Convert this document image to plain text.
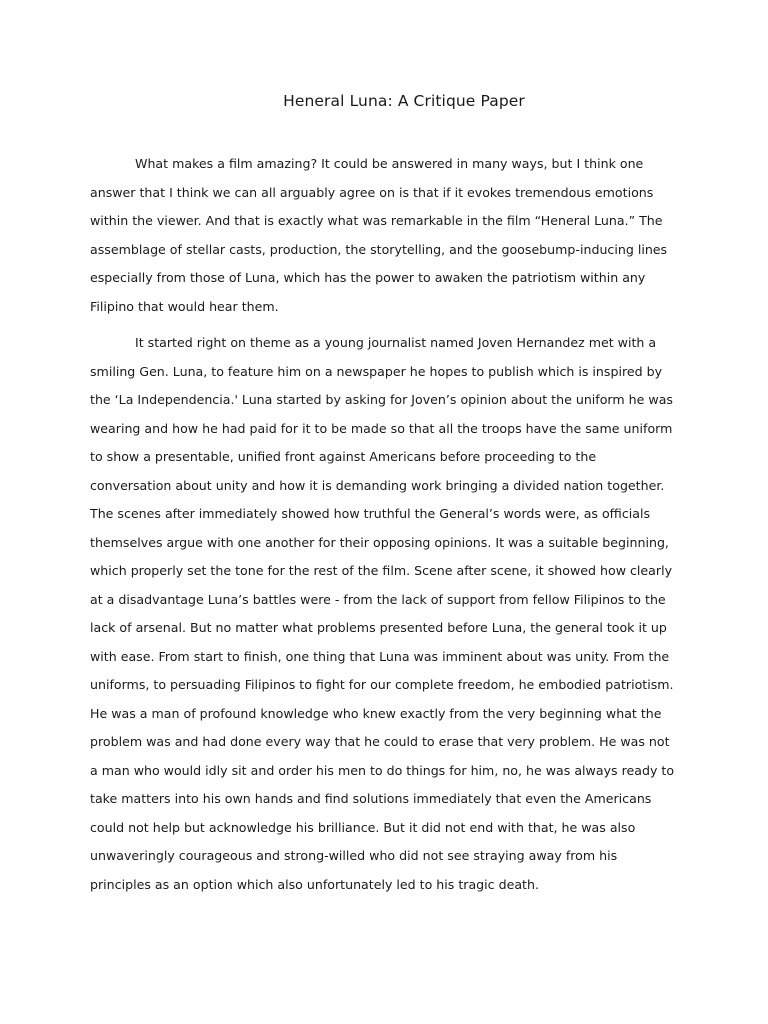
Heneral Luna: A Critique Paper

What makes a film amazing? It could be answered in many ways, but I think one answer that I think we can all arguably agree on is that if it evokes tremendous emotions within the viewer. And that is exactly what was remarkable in the film “Heneral Luna.” The assemblage of stellar casts, production, the storytelling, and the goosebump-inducing lines especially from those of Luna, which has the power to awaken the patriotism within any Filipino that would hear them.

It started right on theme as a young journalist named Joven Hernandez met with a smiling Gen. Luna, to feature him on a newspaper he hopes to publish which is inspired by the ‘La Independencia.' Luna started by asking for Joven’s opinion about the uniform he was wearing and how he had paid for it to be made so that all the troops have the same uniform to show a presentable, unified front against Americans before proceeding to the conversation about unity and how it is demanding work bringing a divided nation together. The scenes after immediately showed how truthful the General’s words were, as officials themselves argue with one another for their opposing opinions. It was a suitable beginning, which properly set the tone for the rest of the film. Scene after scene, it showed how clearly at a disadvantage Luna’s battles were - from the lack of support from fellow Filipinos to the lack of arsenal. But no matter what problems presented before Luna, the general took it up with ease. From start to finish, one thing that Luna was imminent about was unity. From the uniforms, to persuading Filipinos to fight for our complete freedom, he embodied patriotism. He was a man of profound knowledge who knew exactly from the very beginning what the problem was and had done every way that he could to erase that very problem. He was not a man who would idly sit and order his men to do things for him, no, he was always ready to take matters into his own hands and find solutions immediately that even the Americans could not help but acknowledge his brilliance. But it did not end with that, he was also unwaveringly courageous and strong-willed who did not see straying away from his principles as an option which also unfortunately led to his tragic death.
